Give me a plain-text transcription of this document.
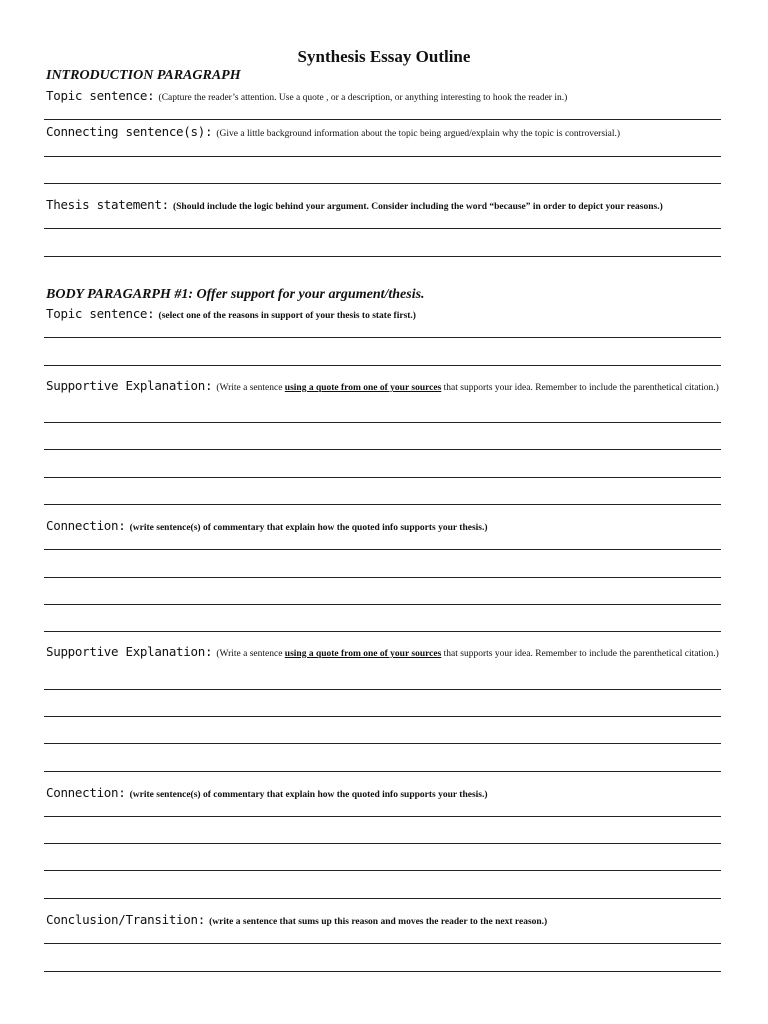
Synthesis Essay Outline
INTRODUCTION PARAGRAPH
Topic sentence: (Capture the reader’s attention. Use a quote , or a description, or anything interesting to hook the reader in.)
Connecting sentence(s): (Give a little background information about the topic being argued/explain why the topic is controversial.)
Thesis statement: (Should include the logic behind your argument. Consider including the word “because” in order to depict your reasons.)
BODY PARAGARPH #1: Offer support for your argument/thesis.
Topic sentence: (select one of the reasons in support of your thesis to state first.)
Supportive Explanation: (Write a sentence using a quote from one of your sources that supports your idea. Remember to include the parenthetical citation.)
Connection: (write sentence(s) of commentary that explain how the quoted info supports your thesis.)
Supportive Explanation: (Write a sentence using a quote from one of your sources that supports your idea. Remember to include the parenthetical citation.)
Connection: (write sentence(s) of commentary that explain how the quoted info supports your thesis.)
Conclusion/Transition: (write a sentence that sums up this reason and moves the reader to the next reason.)
